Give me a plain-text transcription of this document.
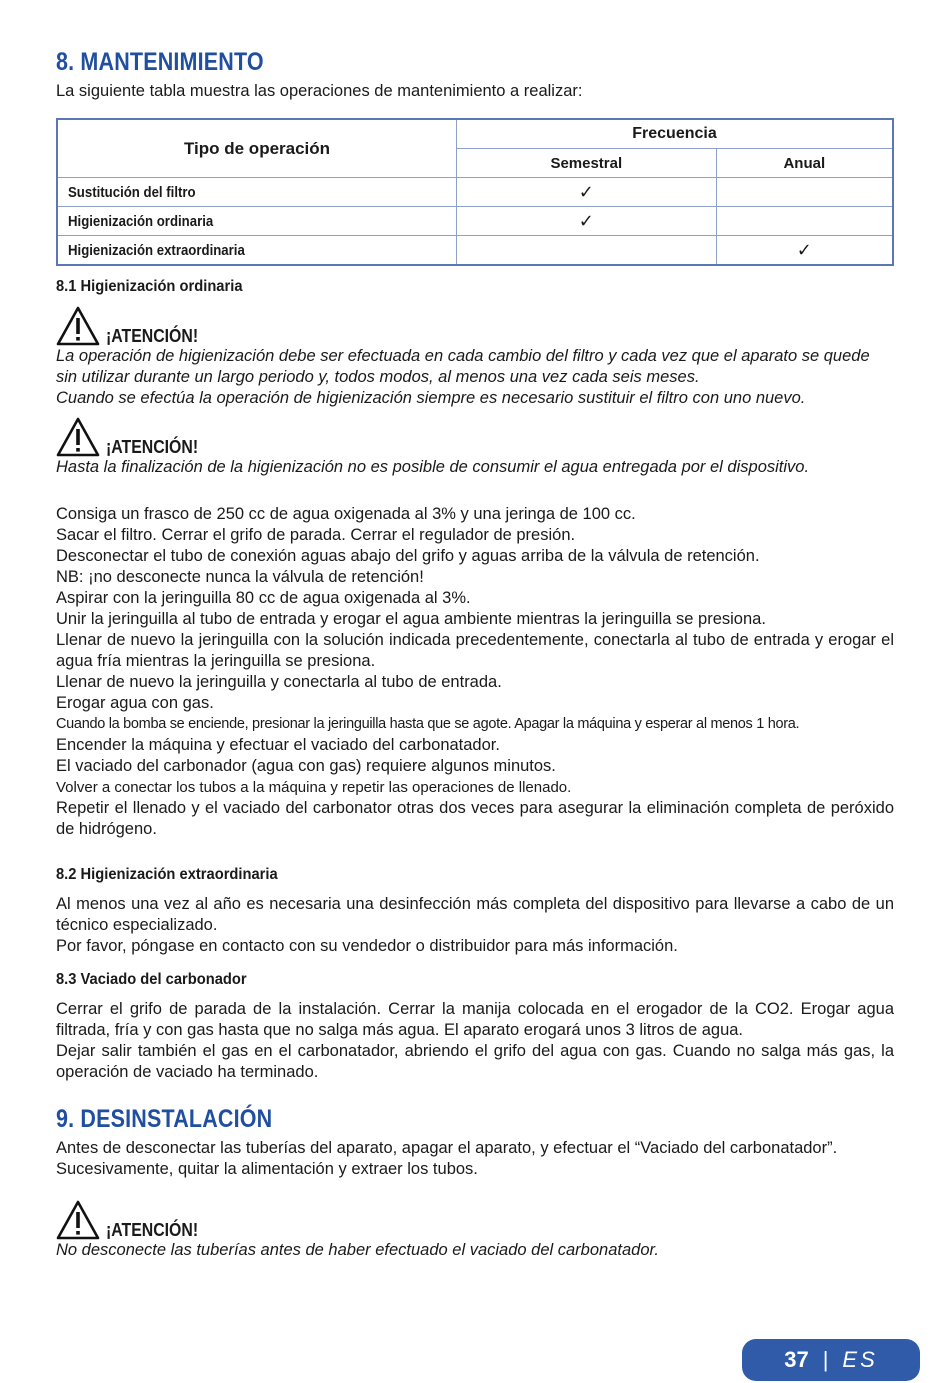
8. MANTENIMIENTO

La siguiente tabla muestra las operaciones de mantenimiento a realizar:

Tipo de operación	Frecuencia	
	Semestral	Anual
Sustitución del filtro	✓	
Higienización ordinaria	✓	
Higienización extraordinaria		✓
8.1 Higienización ordinaria
¡ATENCIÓN!

La operación de higienización debe ser efectuada en cada cambio del filtro y cada vez que el aparato se quede sin utilizar durante un largo periodo y, todos modos, al menos una vez cada seis meses.

Cuando se efectúa la operación de higienización siempre es necesario sustituir el filtro con uno nuevo.

¡ATENCIÓN!

Hasta la finalización de la higienización no es posible de consumir el agua entregada por el dispositivo.

Consiga un frasco de 250 cc de agua oxigenada al 3% y una jeringa de 100 cc.

Sacar el filtro. Cerrar el grifo de parada. Cerrar el regulador de presión.

Desconectar el tubo de conexión aguas abajo del grifo y aguas arriba de la válvula de retención.

NB: ¡no desconecte nunca la válvula de retención!

Aspirar con la jeringuilla 80 cc de agua oxigenada al 3%.

Unir la jeringuilla al tubo de entrada y erogar el agua ambiente mientras la jeringuilla se presiona.

Llenar de nuevo la jeringuilla con la solución indicada precedentemente, conectarla al tubo de entrada y erogar el agua fría mientras la jeringuilla se presiona.

Llenar de nuevo la jeringuilla y conectarla al tubo de entrada.

Erogar agua con gas.

Cuando la bomba se enciende, presionar la jeringuilla hasta que se agote. Apagar la máquina y esperar al menos 1 hora.

Encender la máquina y efectuar el vaciado del carbonatador.

El vaciado del carbonador (agua con gas) requiere algunos minutos.

Volver a conectar los tubos a la máquina y repetir las operaciones de llenado.

Repetir el llenado y el vaciado del carbonator otras dos veces para asegurar la eliminación completa de peróxido de hidrógeno.

8.2 Higienización extraordinaria

Al menos una vez al año es necesaria una desinfección más completa del dispositivo para llevarse a cabo de un técnico especializado.

Por favor, póngase en contacto con su vendedor o distribuidor para más información.

8.3 Vaciado del carbonador

Cerrar el grifo de parada de la instalación. Cerrar la manija colocada en el erogador de la CO2. Erogar agua filtrada, fría y con gas hasta que no salga más agua. El aparato erogará unos 3 litros de agua.

Dejar salir también el gas en el carbonatador, abriendo el grifo del agua con gas. Cuando no salga más gas, la operación de vaciado ha terminado.

9. DESINSTALACIÓN

Antes de desconectar las tuberías del aparato, apagar el aparato, y efectuar el “Vaciado del carbonatador”.

Sucesivamente, quitar la alimentación y extraer los tubos.

¡ATENCIÓN!

No desconecte las tuberías antes de haber efectuado el vaciado del carbonatador.

37 | ES
